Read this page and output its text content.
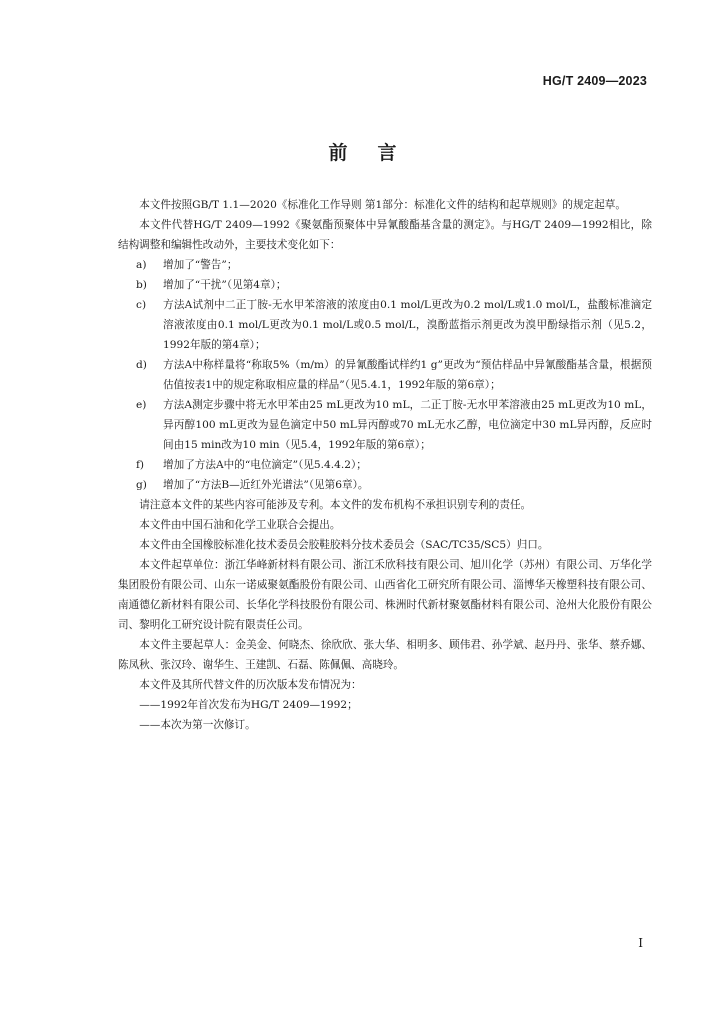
HG/T 2409—2023
前言

本文件按照GB/T 1.1—2020《标准化工作导则 第1部分：标准化文件的结构和起草规则》的规定起草。

本文件代替HG/T 2409—1992《聚氨酯预聚体中异氰酸酯基含量的测定》。与HG/T 2409—1992相比，除结构调整和编辑性改动外，主要技术变化如下：

a)	增加了“警告”；
b)	增加了“干扰”（见第4章）；
c)	方法A试剂中二正丁胺-无水甲苯溶液的浓度由0.1 mol/L更改为0.2 mol/L或1.0 mol/L，盐酸标准滴定溶液浓度由0.1 mol/L更改为0.1 mol/L或0.5 mol/L，溴酚蓝指示剂更改为溴甲酚绿指示剂（见5.2，1992年版的第4章）；
d)	方法A中称样量将“称取5%（m/m）的异氰酸酯试样约1 g”更改为“预估样品中异氰酸酯基含量，根据预估值按表1中的规定称取相应量的样品”（见5.4.1，1992年版的第6章）；
e)	方法A测定步骤中将无水甲苯由25 mL更改为10 mL，二正丁胺-无水甲苯溶液由25 mL更改为10 mL，异丙醇100 mL更改为显色滴定中50 mL异丙醇或70 mL无水乙醇，电位滴定中30 mL异丙醇，反应时间由15 min改为10 min（见5.4，1992年版的第6章）；
f)	增加了方法A中的“电位滴定”（见5.4.4.2）；
g)	增加了“方法B—近红外光谱法”（见第6章）。

请注意本文件的某些内容可能涉及专利。本文件的发布机构不承担识别专利的责任。

本文件由中国石油和化学工业联合会提出。

本文件由全国橡胶标准化技术委员会胶鞋胶料分技术委员会（SAC/TC35/SC5）归口。

本文件起草单位：浙江华峰新材料有限公司、浙江禾欣科技有限公司、旭川化学（苏州）有限公司、万华化学集团股份有限公司、山东一诺威聚氨酯股份有限公司、山西省化工研究所有限公司、淄博华天橡塑科技有限公司、南通德亿新材料有限公司、长华化学科技股份有限公司、株洲时代新材聚氨酯材料有限公司、沧州大化股份有限公司、黎明化工研究设计院有限责任公司。

本文件主要起草人：金美金、何晓杰、徐欣欣、张大华、相明多、顾伟君、孙学斌、赵丹丹、张华、蔡乔娜、陈凤秋、张汉玲、谢华生、王建凯、石磊、陈佩佩、高晓玲。

本文件及其所代替文件的历次版本发布情况为：

——1992年首次发布为HG/T 2409—1992；

——本次为第一次修订。

I
